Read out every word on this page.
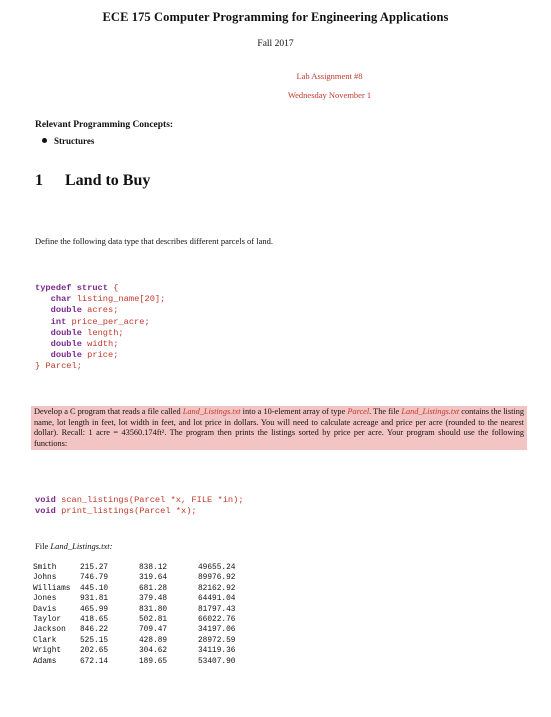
ECE 175 Computer Programming for Engineering Applications
Fall 2017
Lab Assignment #8
Wednesday November 1
Relevant Programming Concepts:
Structures
1 Land to Buy
Define the following data type that describes different parcels of land.
typedef struct {
char listing_name[20];
double acres;
int price_per_acre;
double length;
double width;
double price;
} Parcel;
Develop a C program that reads a file called Land_Listings.txt into a 10-element array of type Parcel. The file Land_Listings.txt contains the listing name, lot length in feet, lot width in feet, and lot price in dollars. You will need to calculate acreage and price per acre (rounded to the nearest dollar). Recall: 1 acre = 43560.174ft². The program then prints the listings sorted by price per acre. Your program should use the following functions:
void scan_listings(Parcel *x, FILE *in);
void print_listings(Parcel *x);
File Land_Listings.txt:
Smith	215.27	838.12	49655.24
Johns	746.79	319.64	89976.92
Williams	445.10	681.28	82162.92
Jones	931.81	379.48	64491.04
Davis	465.99	831.80	81797.43
Taylor	418.65	502.81	66022.76
Jackson	846.22	709.47	34197.06
Clark	525.15	428.89	28972.59
Wright	202.65	304.62	34119.36
Adams	672.14	189.65	53407.90
